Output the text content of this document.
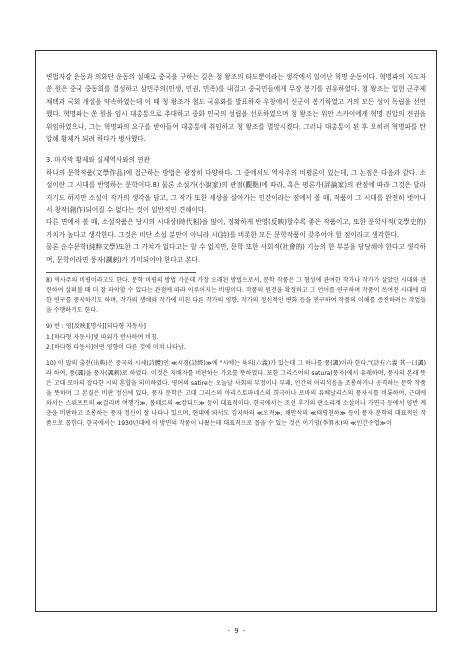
변법자강 운동과 의화단 운동의 실패로 중국을 구하는 길은 청 왕조의 타도뿐이라는 생각에서 일어난 혁명 운동이다. 혁명파의 지도자 쑨 원은 중국 중동회를 결성하고 삼민주의(민생, 민권, 민족)를 내걸고 중국민들에게 무장 봉기를 권유하였다. 청 왕조는 입헌 군주제 채택과 국회 개설을 약속하였는데 이 때 청 왕조가 철도 국유화를 발표하자 우창에서 신군이 봉기하였고 거의 모든 성이 독립을 선언했다. 혁명파는 쑨 원을 임시 대총통으로 추대하고 중화 민국의 성립을 선포하였으며 청 왕조는 위안 스카이에게 혁명 진압의 전권을 위임하였으나, 그는 혁명파의 요구를 받아들여 대총통에 취임하고 청 왕조를 멸망시켰다. 그러나 대총통이 된 후 오히려 혁명파를 탄압해 황제가 되려 하다가 병사했다.

3. 마지막 황제와 실제역사와의 연관

하나의 문학작품(文學作品)에 접근하는 방법은 광장히 다양하다. 그 중에서도 역사주의 비평론이 있는데, 그 논점은 다음과 같다. 소설이란 그 시대를 반영하는 문학이다.8) 물론 소설가(小說家)의 관점(觀點)에 따라, 혹은 평론가(評論家)의 관점에 따라 그것은 달라지기도 하지만 소설이 작가의 생각을 담고, 그 작가 또한 세상을 살아가는 인간이라는 점에서 볼 때, 작품이 그 시대를 완전히 벗어나서 창작(創作)되어질 수 없다는 것이 일반적인 견해이다.

다른 면에서 볼 때, 소설작품은 당시의 시대상(時代相)을 많이, 정확하게 반영(反映)할수록 좋은 작품이고, 또한 문학사적(文學史的) 가치가 높다고 생각한다. 그것은 비단 소설 분만이 아니라 시(詩)를 비롯한 모든 문학작품이 갖추어야 할 점이라고 생각한다.

물론 순수문학(純粹文學)또한 그 가치가 없다고는 할 수 없지만, 문학 또한 사회적(社會的) 기능의 한 부분을 담당해야 한다고 생각하며, 문학이라면 풍자(諷刺)가 가미되어야 한다고 본다.

8) 역사주의 비평이라고도 한다. 문학 비평의 방법 가운데 가장 오래된 방법으로서, 문학 작품은 그 형성에 관여한 작가나 작가가 살았던 시대와 관련하여 살펴볼 때 더 잘 파악할 수 있다는 관점에 따라 이루어지는 비평이다. 작품의 원전을 확정하고 그 언어를 연구하며 작품이 쓰여진 시대에 대한 연구를 중시하기도 하며, 작가의 생애와 작가에 미친 다른 작가의 영향, 작가의 정신적인 변화 등을 연구하여 작품의 이해를 증진하려는 작업들을 수행하기도 한다.

9) 반 : 영[反映][명사][되다형 자동사]

1.[하다형 자동사]빛 따위가 반사하여 비침.

2.[하다형 타동사]어떤 영향이 다른 것에 미쳐 나타남.

10) 이 말의 출전(出典)은 중국의 시세(詩體)인 ≪시경(詩經)≫에 "시에는 육의(六義)가 있는데 그 하나를 풍(諷)이라 한다."(詩有六義 其一曰諷)라 하여, 풍(諷)을 풍자(諷刺)로 하였다. 이것은 지배자를 비판하는 가요를 뜻하였다. 또한 그리스어의 satura(풍자)에서 유래하며, 풍자의 본래 뜻은 고대 로마의 잡다한 시의 혼합을 의미하였다. 영어의 satire는 오늘날 사회의 부정이나 부패, 인간의 어리석음을 조롱하거나 공격하는 문학 작품을 뜻하며 그 본질은 비판 정신에 있다. 풍자 문학은 고대 그리스의 아리스토파네스의 희극이나 로마의 유베날리스의 풍자시를 비롯하여, 근대에 와서는 스위프트의 ≪걸리버 여행기≫, 볼테르의 ≪캉디드≫ 등이 대표적이다. 한국에서는 조선 후기의 판소리계 소설이나 가면극 등에서 양반 계층을 비판하고 조롱하는 풍자 정신이 잘 나타나 있으며, 현대에 와서도 김지하의 ≪오적≫, 채만식의 ≪태평천하≫ 등이 풍자 문학의 대표적인 작품으로 꼽힌다. 한국에서는 1930년대에 이 방면의 작품이 나왔는데 대표적으로 꼽을 수 있는 것은 이기영(李箕永)의 ≪인간수업≫이

- 9 -
